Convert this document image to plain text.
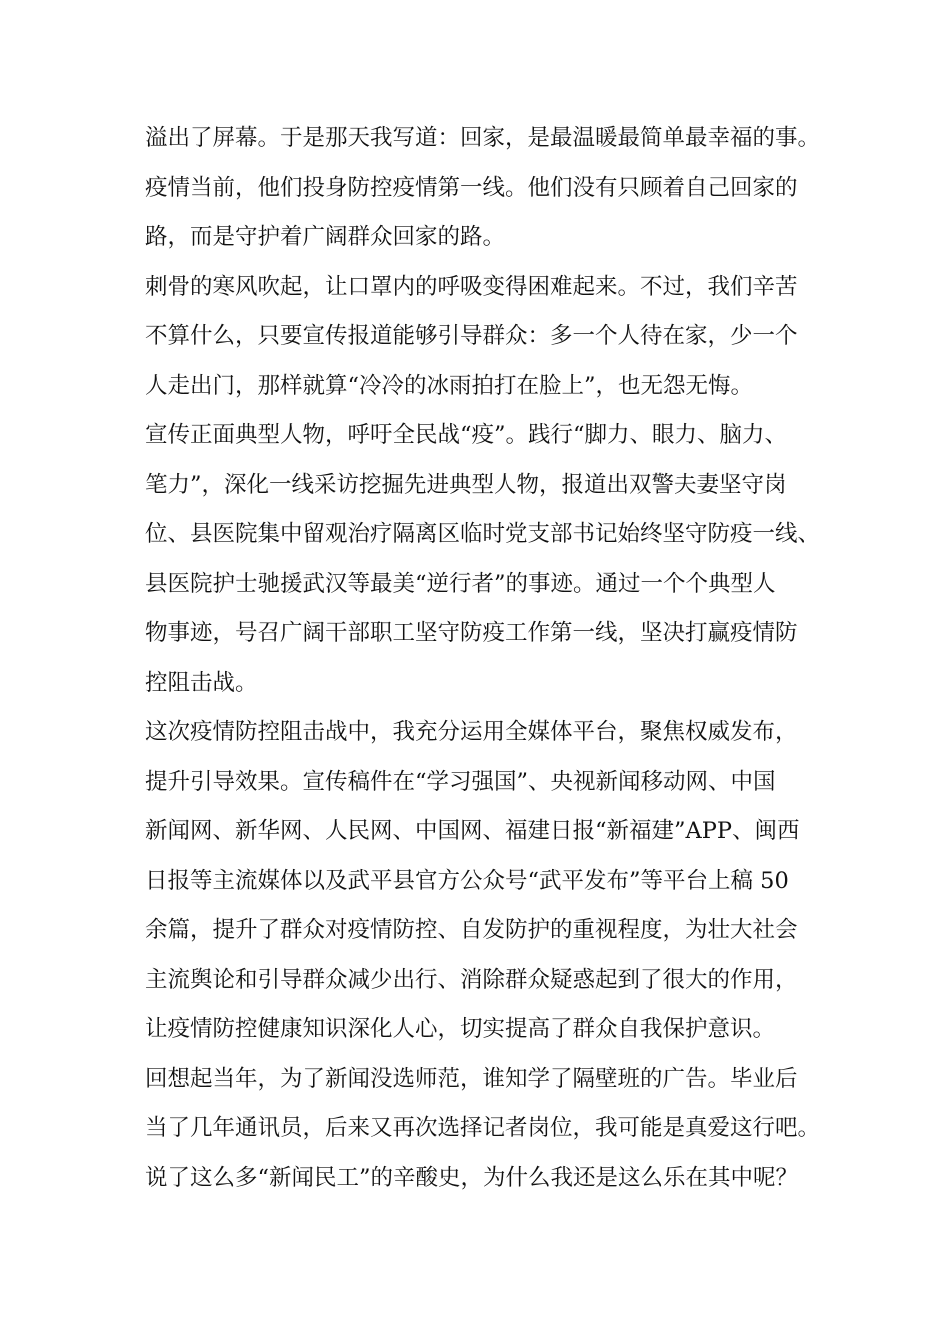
溢出了屏幕。于是那天我写道：回家，是最温暖最简单最幸福的事。
疫情当前，他们投身防控疫情第一线。他们没有只顾着自己回家的
路，而是守护着广阔群众回家的路。
刺骨的寒风吹起，让口罩内的呼吸变得困难起来。不过，我们辛苦
不算什么，只要宣传报道能够引导群众：多一个人待在家，少一个
人走出门，那样就算“冷冷的冰雨拍打在脸上”，也无怨无悔。
宣传正面典型人物，呼吁全民战“疫”。践行“脚力、眼力、脑力、
笔力”，深化一线采访挖掘先进典型人物，报道出双警夫妻坚守岗
位、县医院集中留观治疗隔离区临时党支部书记始终坚守防疫一线、
县医院护士驰援武汉等最美“逆行者”的事迹。通过一个个典型人
物事迹，号召广阔干部职工坚守防疫工作第一线，坚决打赢疫情防
控阻击战。
这次疫情防控阻击战中，我充分运用全媒体平台，聚焦权威发布，
提升引导效果。宣传稿件在“学习强国”、央视新闻移动网、中国
新闻网、新华网、人民网、中国网、福建日报“新福建”APP、闽西
日报等主流媒体以及武平县官方公众号“武平发布”等平台上稿 50
余篇，提升了群众对疫情防控、自发防护的重视程度，为壮大社会
主流舆论和引导群众减少出行、消除群众疑惑起到了很大的作用，
让疫情防控健康知识深化人心，切实提高了群众自我保护意识。
回想起当年，为了新闻没选师范，谁知学了隔壁班的广告。毕业后
当了几年通讯员，后来又再次选择记者岗位，我可能是真爱这行吧。
说了这么多“新闻民工”的辛酸史，为什么我还是这么乐在其中呢？
